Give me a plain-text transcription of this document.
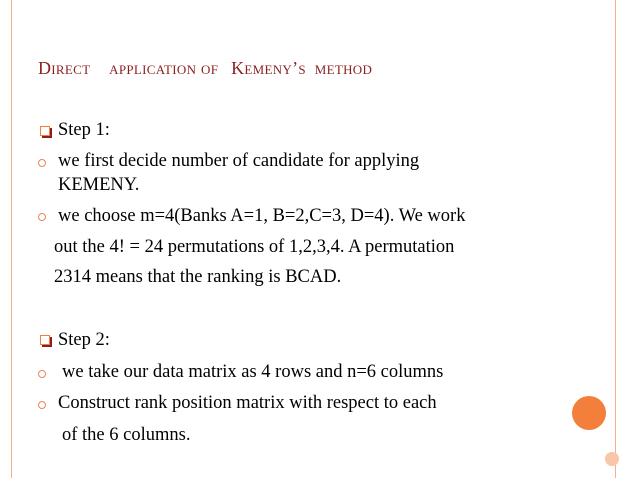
Direct application of Kemeny’s method
Step 1:
we first decide number of candidate for applying
KEMENY.
we choose m=4(Banks A=1, B=2,C=3, D=4). We work
out the 4! = 24 permutations of 1,2,3,4. A permutation
2314 means that the ranking is BCAD.
Step 2:
we take our data matrix as 4 rows and n=6 columns
Construct rank position matrix with respect to each
of the 6 columns.
